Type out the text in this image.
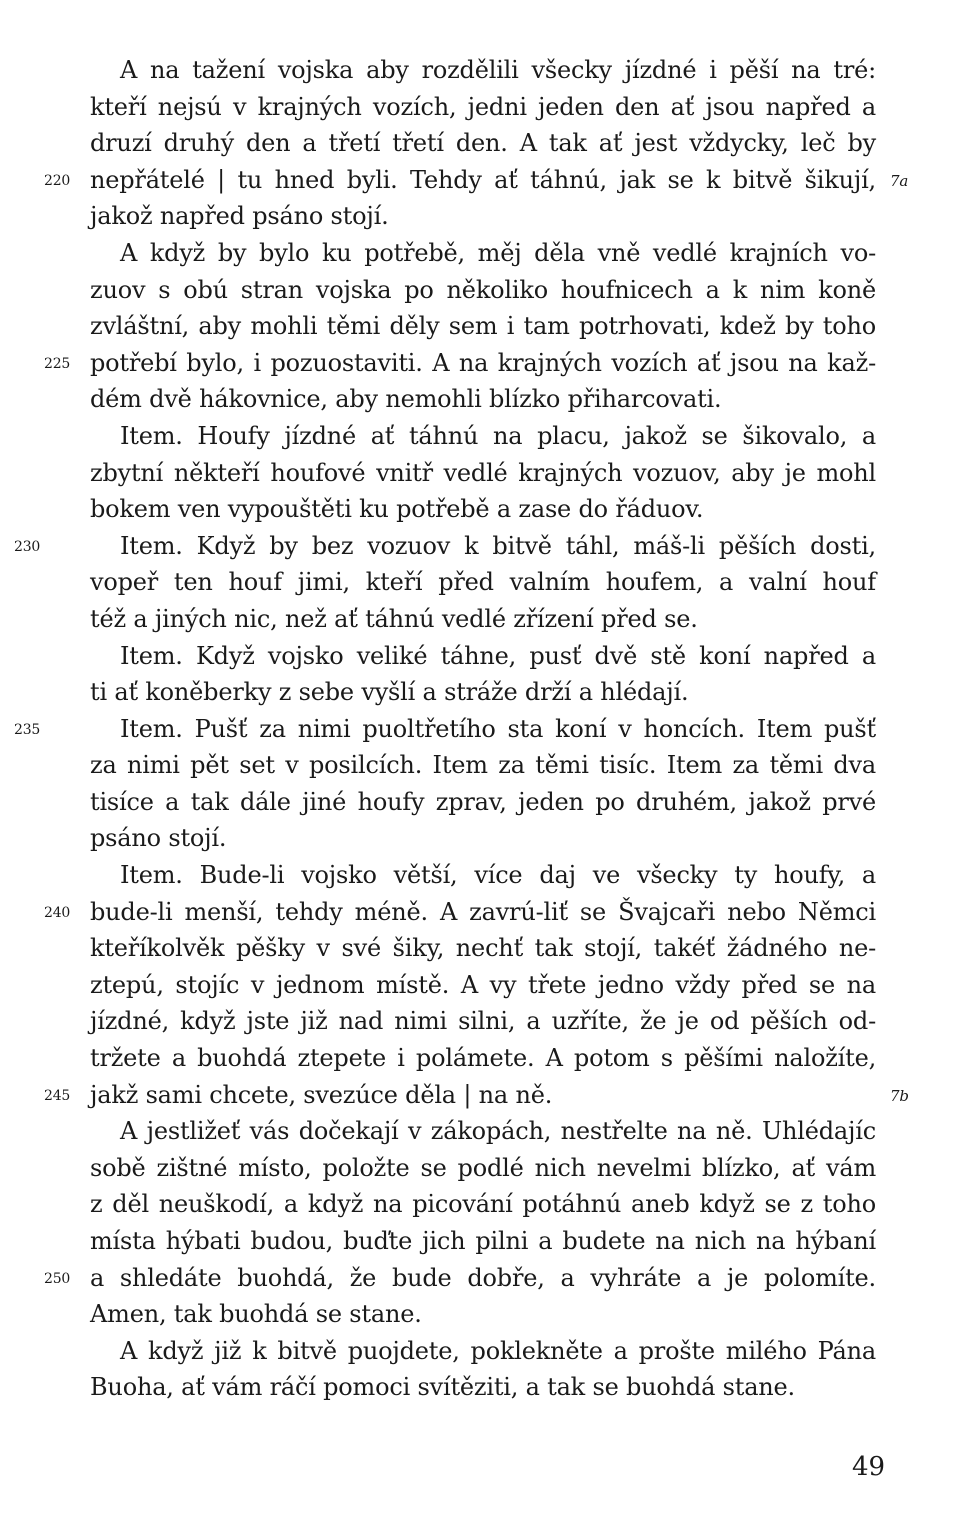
A na tažení vojska aby rozdělili všecky jízdné i pěší na tré:
kteří nejsú v krajných vozích, jedni jeden den ať jsou napřed a
druzí druhý den a třetí třetí den. A tak ať jest vždycky, leč by
220 nepřátelé | tu hned byli. Tehdy ať táhnú, jak se k bitvě šikují, 7a
jakož napřed psáno stojí.
A když by bylo ku potřebě, měj děla vně vedlé krajních vo-
zuov s obú stran vojska po několiko houfnicech a k nim koně
zvláštní, aby mohli těmi děly sem i tam potrhovati, kdež by toho
225 potřebí bylo, i pozuostaviti. A na krajných vozích ať jsou na kaž-
dém dvě hákovnice, aby nemohli blízko přiharcovati.
Item. Houfy jízdné ať táhnú na placu, jakož se šikovalo, a
zbytní někteří houfové vnitř vedlé krajných vozuov, aby je mohl
bokem ven vypouštěti ku potřebě a zase do řáduov.
230	Item. Když by bez vozuov k bitvě táhl, máš-li pěších dosti,
vopeř ten houf jimi, kteří před valním houfem, a valní houf
též a jiných nic, než ať táhnú vedlé zřízení před se.
Item. Když vojsko veliké táhne, pusť dvě stě koní napřed a
ti ať koněberky z sebe vyšlí a stráže drží a hlédají.
235	Item. Pušť za nimi puoltřetího sta koní v honcích. Item pušť
za nimi pět set v posilcích. Item za těmi tisíc. Item za těmi dva
tisíce a tak dále jiné houfy zprav, jeden po druhém, jakož prvé
psáno stojí.
Item. Bude-li vojsko větší, více daj ve všecky ty houfy, a
240 bude-li menší, tehdy méně. A zavrú-liť se Švajcaři nebo Němci
kteříkolvěk pěšky v své šiky, nechť tak stojí, takéť žádného ne-
ztepú, stojíc v jednom místě. A vy třete jedno vždy před se na
jízdné, když jste již nad nimi silni, a uzříte, že je od pěších od-
tržete a buohdá ztepete i polámete. A potom s pěšími naložíte,
245 jakž sami chcete, svezúce děla | na ně.	7b
A jestližeť vás dočekají v zákopách, nestřelte na ně. Uhlédajíc
sobě zištné místo, položte se podlé nich nevelmi blízko, ať vám
z děl neuškodí, a když na picování potáhnú aneb když se z toho
místa hýbati budou, buďte jich pilni a budete na nich na hýbaní
250 a shledáte buohdá, že bude dobře, a vyhráte a je polomíte.
Amen, tak buohdá se stane.
A když již k bitvě puojdete, poklekněte a prošte milého Pána
Buoha, ať vám ráčí pomoci svítěziti, a tak se buohdá stane.
49
